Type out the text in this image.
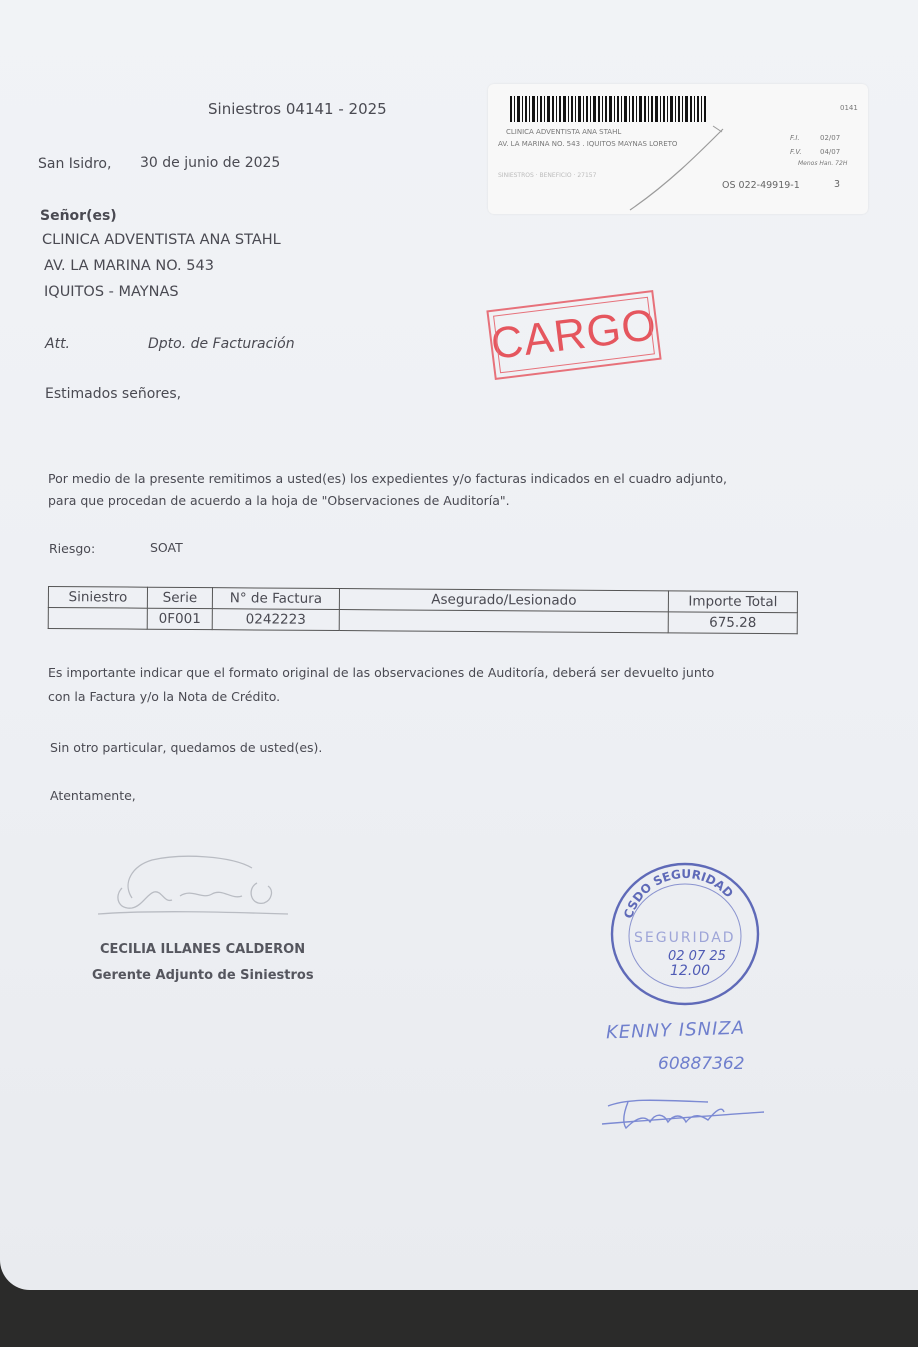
Siniestros 04141 - 2025
San Isidro, 30 de junio de 2025
CLINICA ADVENTISTA ANA STAHL
AV. LA MARINA NO. 543 . IQUITOS MAYNAS LORETO
SINIESTROS · BENEFICIO · 27157
0141
F.I.	02/07
F.V.	04/07
Menos Han. 72H
OS 022-49919-1	3
Señor(es)
CLINICA ADVENTISTA ANA STAHL
AV. LA MARINA NO. 543
IQUITOS - MAYNAS
Att.	Dpto. de Facturación	CARGO
Estimados señores,
Por medio de la presente remitimos a usted(es) los expedientes y/o facturas indicados en el cuadro adjunto,
para que procedan de acuerdo a la hoja de "Observaciones de Auditoría".
Riesgo:	SOAT
Siniestro	Serie	N° de Factura	Asegurado/Lesionado	Importe Total
	0F001	0242223		675.28
Es importante indicar que el formato original de las observaciones de Auditoría, deberá ser devuelto junto
con la Factura y/o la Nota de Crédito.
Sin otro particular, quedamos de usted(es).
Atentamente,
CECILIA ILLANES CALDERON
Gerente Adjunto de Siniestros
CSDO SEGURIDAD
SEGURIDAD
02 07 25
12.00
KENNY ISNIZA
60887362
